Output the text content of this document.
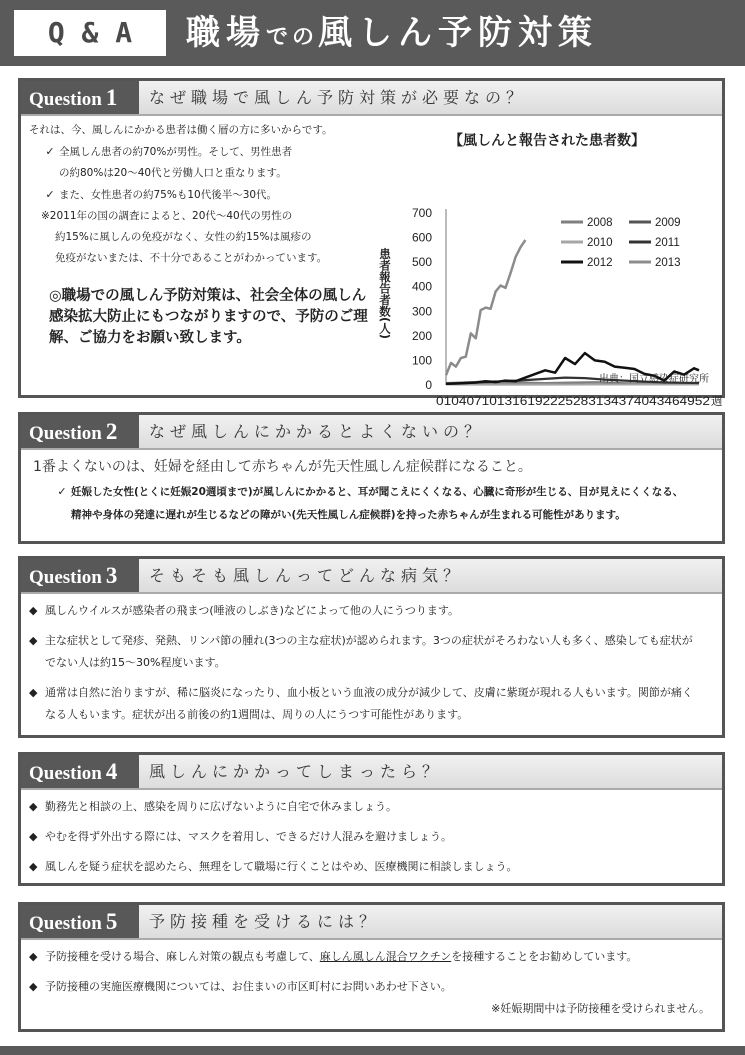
Q & A	職場での風しん予防対策
Question 1	なぜ職場で風しん予防対策が必要なの？
それは、今、風しんにかかる患者は働く層の方に多いからです。
✓ 全風しん患者の約70%が男性。そして、男性患者
の約80%は20〜40代と労働人口と重なります。
✓ また、女性患者の約75%も10代後半〜30代。
※2011年の国の調査によると、20代〜40代の男性の
約15%に風しんの免疫がなく、女性の約15%は風疹の
免疫がないまたは、不十分であることがわかっています。
◎職場での風しん予防対策は、社会全体の風しん感染拡大防止にもつながりますので、予防のご理解、ご協力をお願い致します。
【風しんと報告された患者数】
患者報告者数(人)
0
100
200
300
400
500
600
700
010407101316192225283134374043464952 週
2008	2009
2010	2011
2012	2013
出典：国立感染症研究所
Question 2	なぜ風しんにかかるとよくないの？
1番よくないのは、妊婦を経由して赤ちゃんが先天性風しん症候群になること。
✓ 妊娠した女性(とくに妊娠20週頃まで)が風しんにかかると、耳が聞こえにくくなる、心臓に奇形が生じる、目が見えにくくなる、
精神や身体の発達に遅れが生じるなどの障がい(先天性風しん症候群)を持った赤ちゃんが生まれる可能性があります。
Question 3	そもそも風しんってどんな病気？
◆ 風しんウイルスが感染者の飛まつ(唾液のしぶき)などによって他の人にうつります。
◆ 主な症状として発疹、発熱、リンパ節の腫れ(3つの主な症状)が認められます。3つの症状がそろわない人も多く、感染しても症状が
でない人は約15〜30%程度います。
◆ 通常は自然に治りますが、稀に脳炎になったり、血小板という血液の成分が減少して、皮膚に紫斑が現れる人もいます。関節が痛く
なる人もいます。症状が出る前後の約1週間は、周りの人にうつす可能性があります。
Question 4	風しんにかかってしまったら？
◆ 勤務先と相談の上、感染を周りに広げないように自宅で休みましょう。
◆ やむを得ず外出する際には、マスクを着用し、できるだけ人混みを避けましょう。
◆ 風しんを疑う症状を認めたら、無理をして職場に行くことはやめ、医療機関に相談しましょう。
Question 5	予防接種を受けるには？
◆ 予防接種を受ける場合、麻しん対策の観点も考慮して、麻しん風しん混合ワクチンを接種することをお勧めしています。
◆ 予防接種の実施医療機関については、お住まいの市区町村にお問いあわせ下さい。
※妊娠期間中は予防接種を受けられません。
